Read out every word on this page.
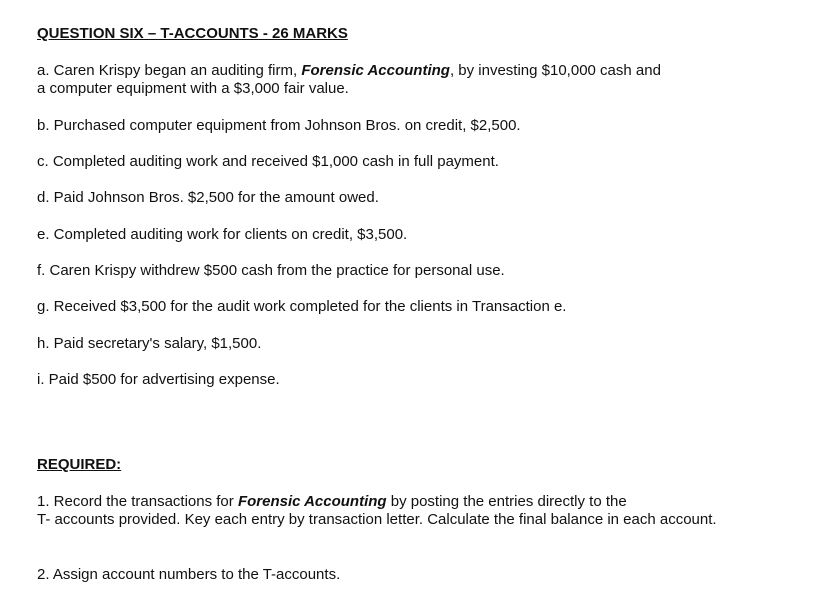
QUESTION SIX – T-ACCOUNTS - 26 MARKS
a. Caren Krispy began an auditing firm, Forensic Accounting, by investing $10,000 cash and
a computer equipment with a $3,000 fair value.
b. Purchased computer equipment from Johnson Bros. on credit, $2,500.
c. Completed auditing work and received $1,000 cash in full payment.
d. Paid Johnson Bros. $2,500 for the amount owed.
e. Completed auditing work for clients on credit, $3,500.
f. Caren Krispy withdrew $500 cash from the practice for personal use.
g. Received $3,500 for the audit work completed for the clients in Transaction e.
h. Paid secretary's salary, $1,500.
i. Paid $500 for advertising expense.
REQUIRED:
1. Record the transactions for Forensic Accounting by posting the entries directly to the
T- accounts provided. Key each entry by transaction letter. Calculate the final balance in each account.
2. Assign account numbers to the T-accounts.
